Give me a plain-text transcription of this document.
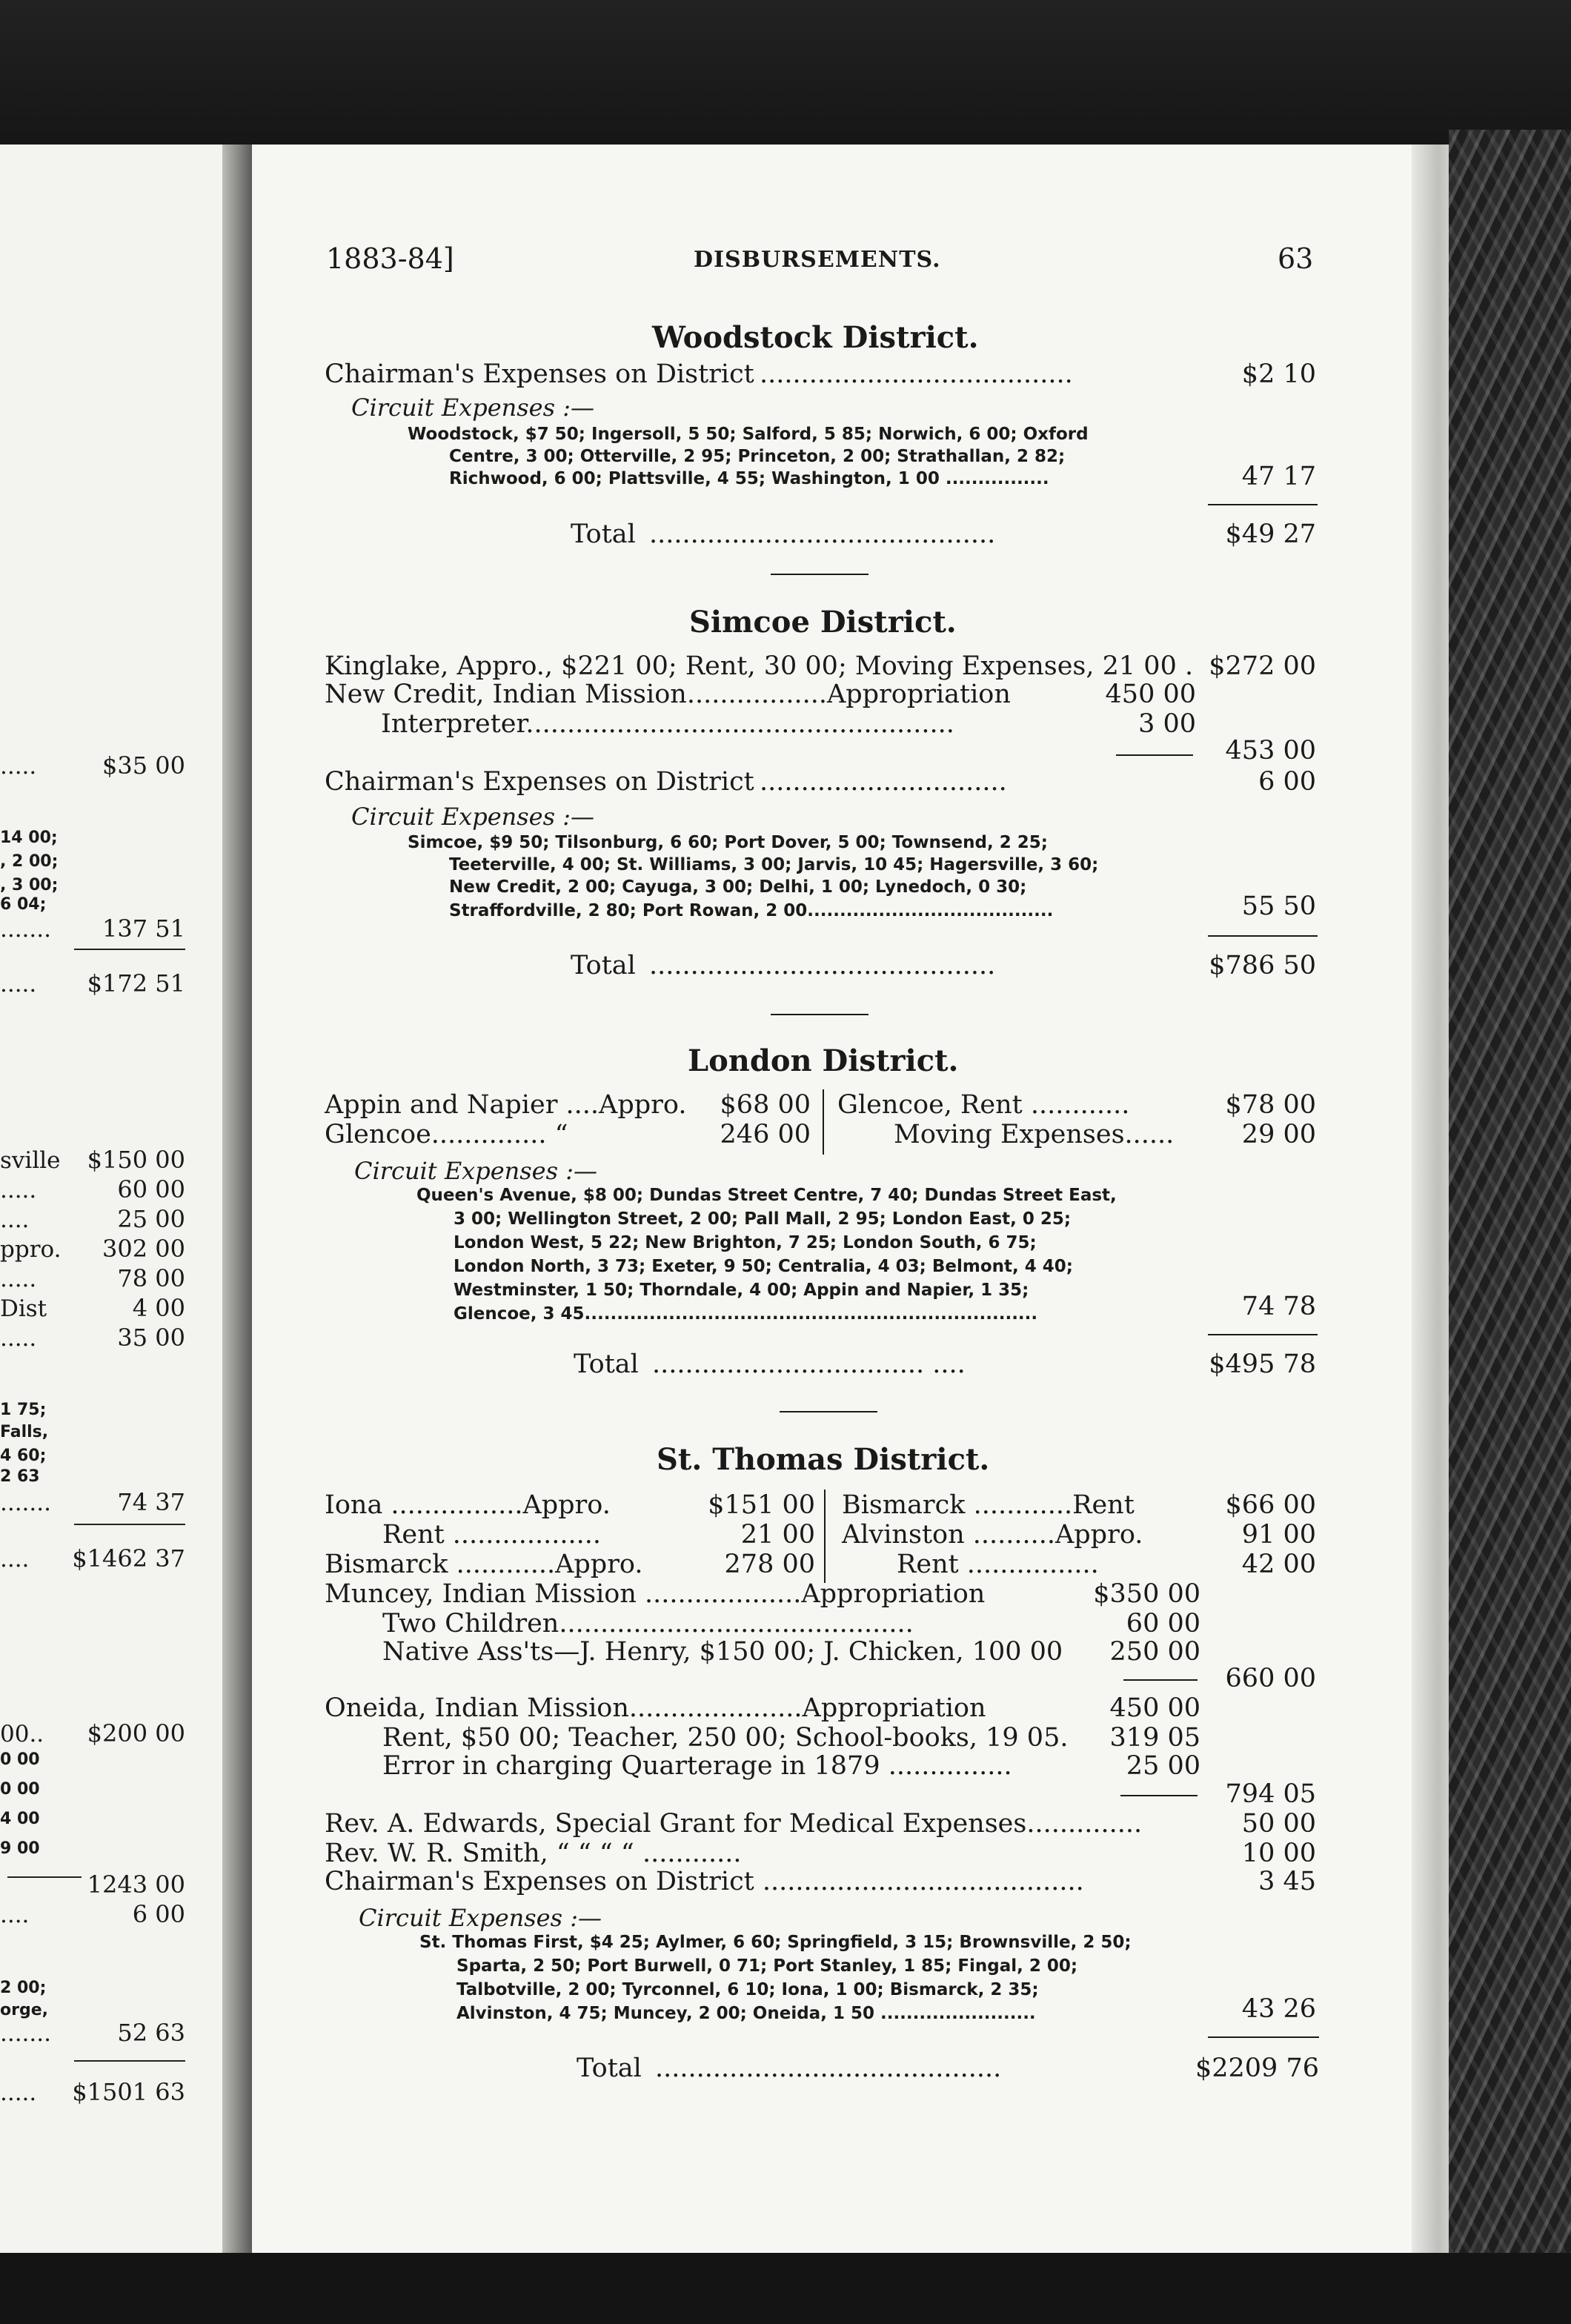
.....	$35 00
14 00;
, 2 00;
, 3 00;
6 04;
.......	137 51
.....	$172 51
sville	$150 00
.....	60 00
....	25 00
ppro.	302 00
.....	78 00
Dist	4 00
.....	35 00
1 75;
Falls,
4 60;
2 63
.......	74 37
....	$1462 37
00..	$200 00
0 00
0 00
4 00
9 00
1243 00
....	6 00
2 00;
orge,
.......	52 63
.....	$1501 63
1883-84]	DISBURSEMENTS.	63
Woodstock District.
Chairman's Expenses on District ......................................	$2 10
Circuit Expenses :—
Woodstock, $7 50; Ingersoll, 5 50; Salford, 5 85; Norwich, 6 00; Oxford
Centre, 3 00; Otterville, 2 95; Princeton, 2 00; Strathallan, 2 82;
Richwood, 6 00; Plattsville, 4 55; Washington, 1 00 ................	47 17
Total ..........................................	$49 27
Simcoe District.
Kinglake, Appro., $221 00; Rent, 30 00; Moving Expenses, 21 00 . $272 00
New Credit, Indian Mission.................Appropriation	450 00
Interpreter....................................................	3 00
453 00
Chairman's Expenses on District ..............................	6 00
Circuit Expenses :—
Simcoe, $9 50; Tilsonburg, 6 60; Port Dover, 5 00; Townsend, 2 25;
Teeterville, 4 00; St. Williams, 3 00; Jarvis, 10 45; Hagersville, 3 60;
New Credit, 2 00; Cayuga, 3 00; Delhi, 1 00; Lynedoch, 0 30;
Straffordville, 2 80; Port Rowan, 2 00......................................	55 50
Total ..........................................	$786 50
London District.
Appin and Napier ....Appro. $68 00
Glencoe.............. “	246 00
Glencoe, Rent ............	$78 00
Moving Expenses......	29 00
Circuit Expenses :—
Queen's Avenue, $8 00; Dundas Street Centre, 7 40; Dundas Street East,
3 00; Wellington Street, 2 00; Pall Mall, 2 95; London East, 0 25;
London West, 5 22; New Brighton, 7 25; London South, 6 75;
London North, 3 73; Exeter, 9 50; Centralia, 4 03; Belmont, 4 40;
Westminster, 1 50; Thorndale, 4 00; Appin and Napier, 1 35;
Glencoe, 3 45......................................................................	74 78
Total ................................. ....	$495 78
St. Thomas District.
Iona ................Appro.	$151 00
Rent ..................	21 00
Bismarck ............Appro.	278 00
Bismarck ............Rent	$66 00
Alvinston ..........Appro.	91 00
Rent ................	42 00
Muncey, Indian Mission ...................Appropriation	$350 00
Two Children...........................................	60 00
Native Ass'ts—J. Henry, $150 00; J. Chicken, 100 00 250 00
660 00
Oneida, Indian Mission.....................Appropriation	450 00
Rent, $50 00; Teacher, 250 00; School-books, 19 05. 319 05
Error in charging Quarterage in 1879 ...............	25 00
794 05
Rev. A. Edwards, Special Grant for Medical Expenses..............	50 00
Rev. W. R. Smith, “ “ “ “ ............	10 00
Chairman's Expenses on District .......................................	3 45
Circuit Expenses :—
St. Thomas First, $4 25; Aylmer, 6 60; Springfield, 3 15; Brownsville, 2 50;
Sparta, 2 50; Port Burwell, 0 71; Port Stanley, 1 85; Fingal, 2 00;
Talbotville, 2 00; Tyrconnel, 6 10; Iona, 1 00; Bismarck, 2 35;
Alvinston, 4 75; Muncey, 2 00; Oneida, 1 50 ........................	43 26
Total ..........................................	$2209 76
